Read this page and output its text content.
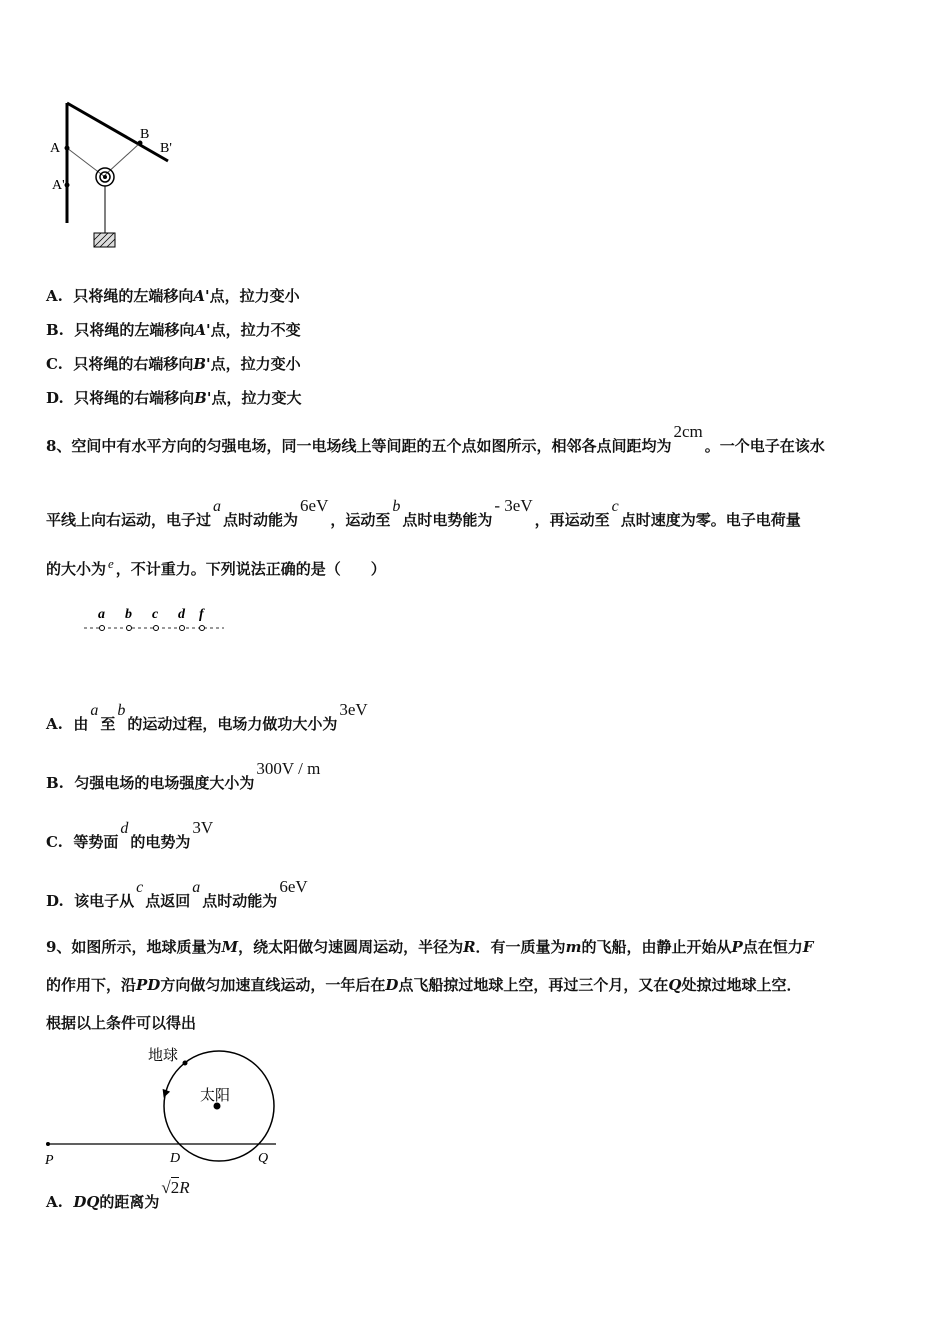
A
A'
B
B'
A. 只将绳的左端移向A'点，拉力变小
B. 只将绳的左端移向A'点，拉力不变
C. 只将绳的右端移向B'点，拉力变小
D. 只将绳的右端移向B'点，拉力变大
8、空间中有水平方向的匀强电场，同一电场线上等间距的五个点如图所示，相邻各点间距均为2cm。一个电子在该水
平线上向右运动，电子过a点时动能为6eV，运动至b点时电势能为- 3eV，再运动至c点时速度为零。电子电荷量
的大小为 e ，不计重力。下列说法正确的是（　　）
a b c d f
A. 由a至b的运动过程，电场力做功大小为3eV
B. 匀强电场的电场强度大小为300V / m
C. 等势面d的电势为3V
D. 该电子从c点返回a点时动能为6eV
9、如图所示，地球质量为M，绕太阳做匀速圆周运动，半径为R．有一质量为m的飞船，由静止开始从P点在恒力F
的作用下，沿PD方向做匀加速直线运动，一年后在D点飞船掠过地球上空，再过三个月，又在Q处掠过地球上空．
根据以上条件可以得出
地球
太阳
P	D	Q
A. DQ的距离为√2R
